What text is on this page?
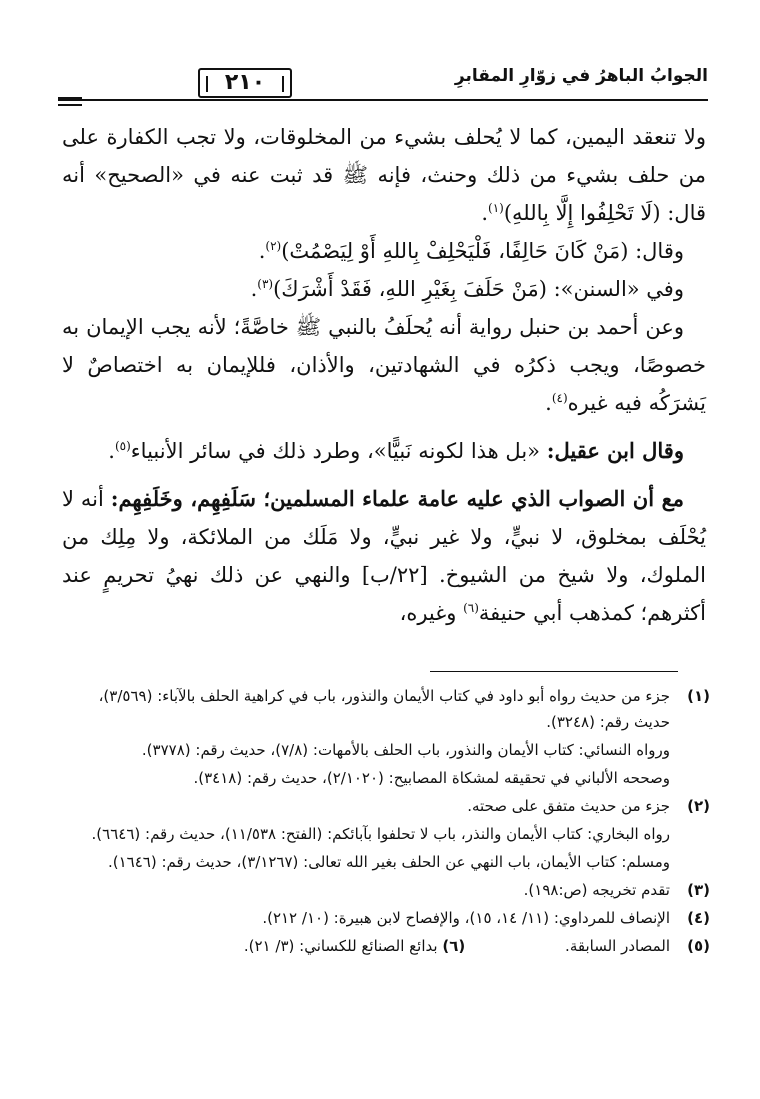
الجوابُ الباهرُ في زوّارِ المقابرِ
٢١٠

ولا تنعقد اليمين، كما لا يُحلف بشيء من المخلوقات، ولا تجب الكفارة على من حلف بشيء من ذلك وحنث، فإنه ﷺ قد ثبت عنه في «الصحيح» أنه قال: (لَا تَحْلِفُوا إِلَّا بِاللهِ)$^{(١)}$.

وقال: (مَنْ كَانَ حَالِفًا، فَلْيَحْلِفْ بِاللهِ أَوْ لِيَصْمُتْ)$^{(٢)}$.

وفي «السنن»: (مَنْ حَلَفَ بِغَيْرِ اللهِ، فَقَدْ أَشْرَكَ)$^{(٣)}$.

وعن أحمد بن حنبل رواية أنه يُحلَفُ بالنبي ﷺ خاصَّةً؛ لأنه يجب الإيمان به خصوصًا، ويجب ذكرُه في الشهادتين، والأذان، فللإيمان به اختصاصٌ لا يَشرَكُه فيه غيره$^{(٤)}$.

وقال ابن عقيل: «بل هذا لكونه نَبيًّا»، وطرد ذلك في سائر الأنبياء$^{(٥)}$.

مع أن الصواب الذي عليه عامة علماء المسلمين؛ سَلَفِهِم، وخَلَفِهِم: أنه لا يُحْلَف بمخلوق، لا نبيٍّ، ولا غير نبيٍّ، ولا مَلَك من الملائكة، ولا مِلِك من الملوك، ولا شيخ من الشيوخ. [٢٢/ب] والنهي عن ذلك نهيُ تحريمٍ عند أكثرهم؛ كمذهب أبي حنيفة$^{(٦)}$ وغيره،

(١)

جزء من حديث رواه أبو داود في كتاب الأيمان والنذور، باب في كراهية الحلف بالآباء: (٣/٥٦٩)، حديث رقم: (٣٢٤٨).

ورواه النسائي: كتاب الأيمان والنذور، باب الحلف بالأمهات: (٧/٨)، حديث رقم: (٣٧٧٨).

وصححه الألباني في تحقيقه لمشكاة المصابيح: (٢/١٠٢٠)، حديث رقم: (٣٤١٨).

(٢)

جزء من حديث متفق على صحته.

رواه البخاري: كتاب الأيمان والنذر، باب لا تحلفوا بآبائكم: (الفتح: ١١/٥٣٨)، حديث رقم: (٦٦٤٦).

ومسلم: كتاب الأيمان، باب النهي عن الحلف بغير الله تعالى: (٣/١٢٦٧)، حديث رقم: (١٦٤٦).

(٣)

تقدم تخريجه (ص:١٩٨).

(٤)

الإنصاف للمرداوي: (١١/ ١٤، ١٥)، والإفصاح لابن هبيرة: (١٠/ ٢١٢).

(٥)
المصادر السابقة. (٦) بدائع الصنائع للكساني: (٣/ ٢١).
